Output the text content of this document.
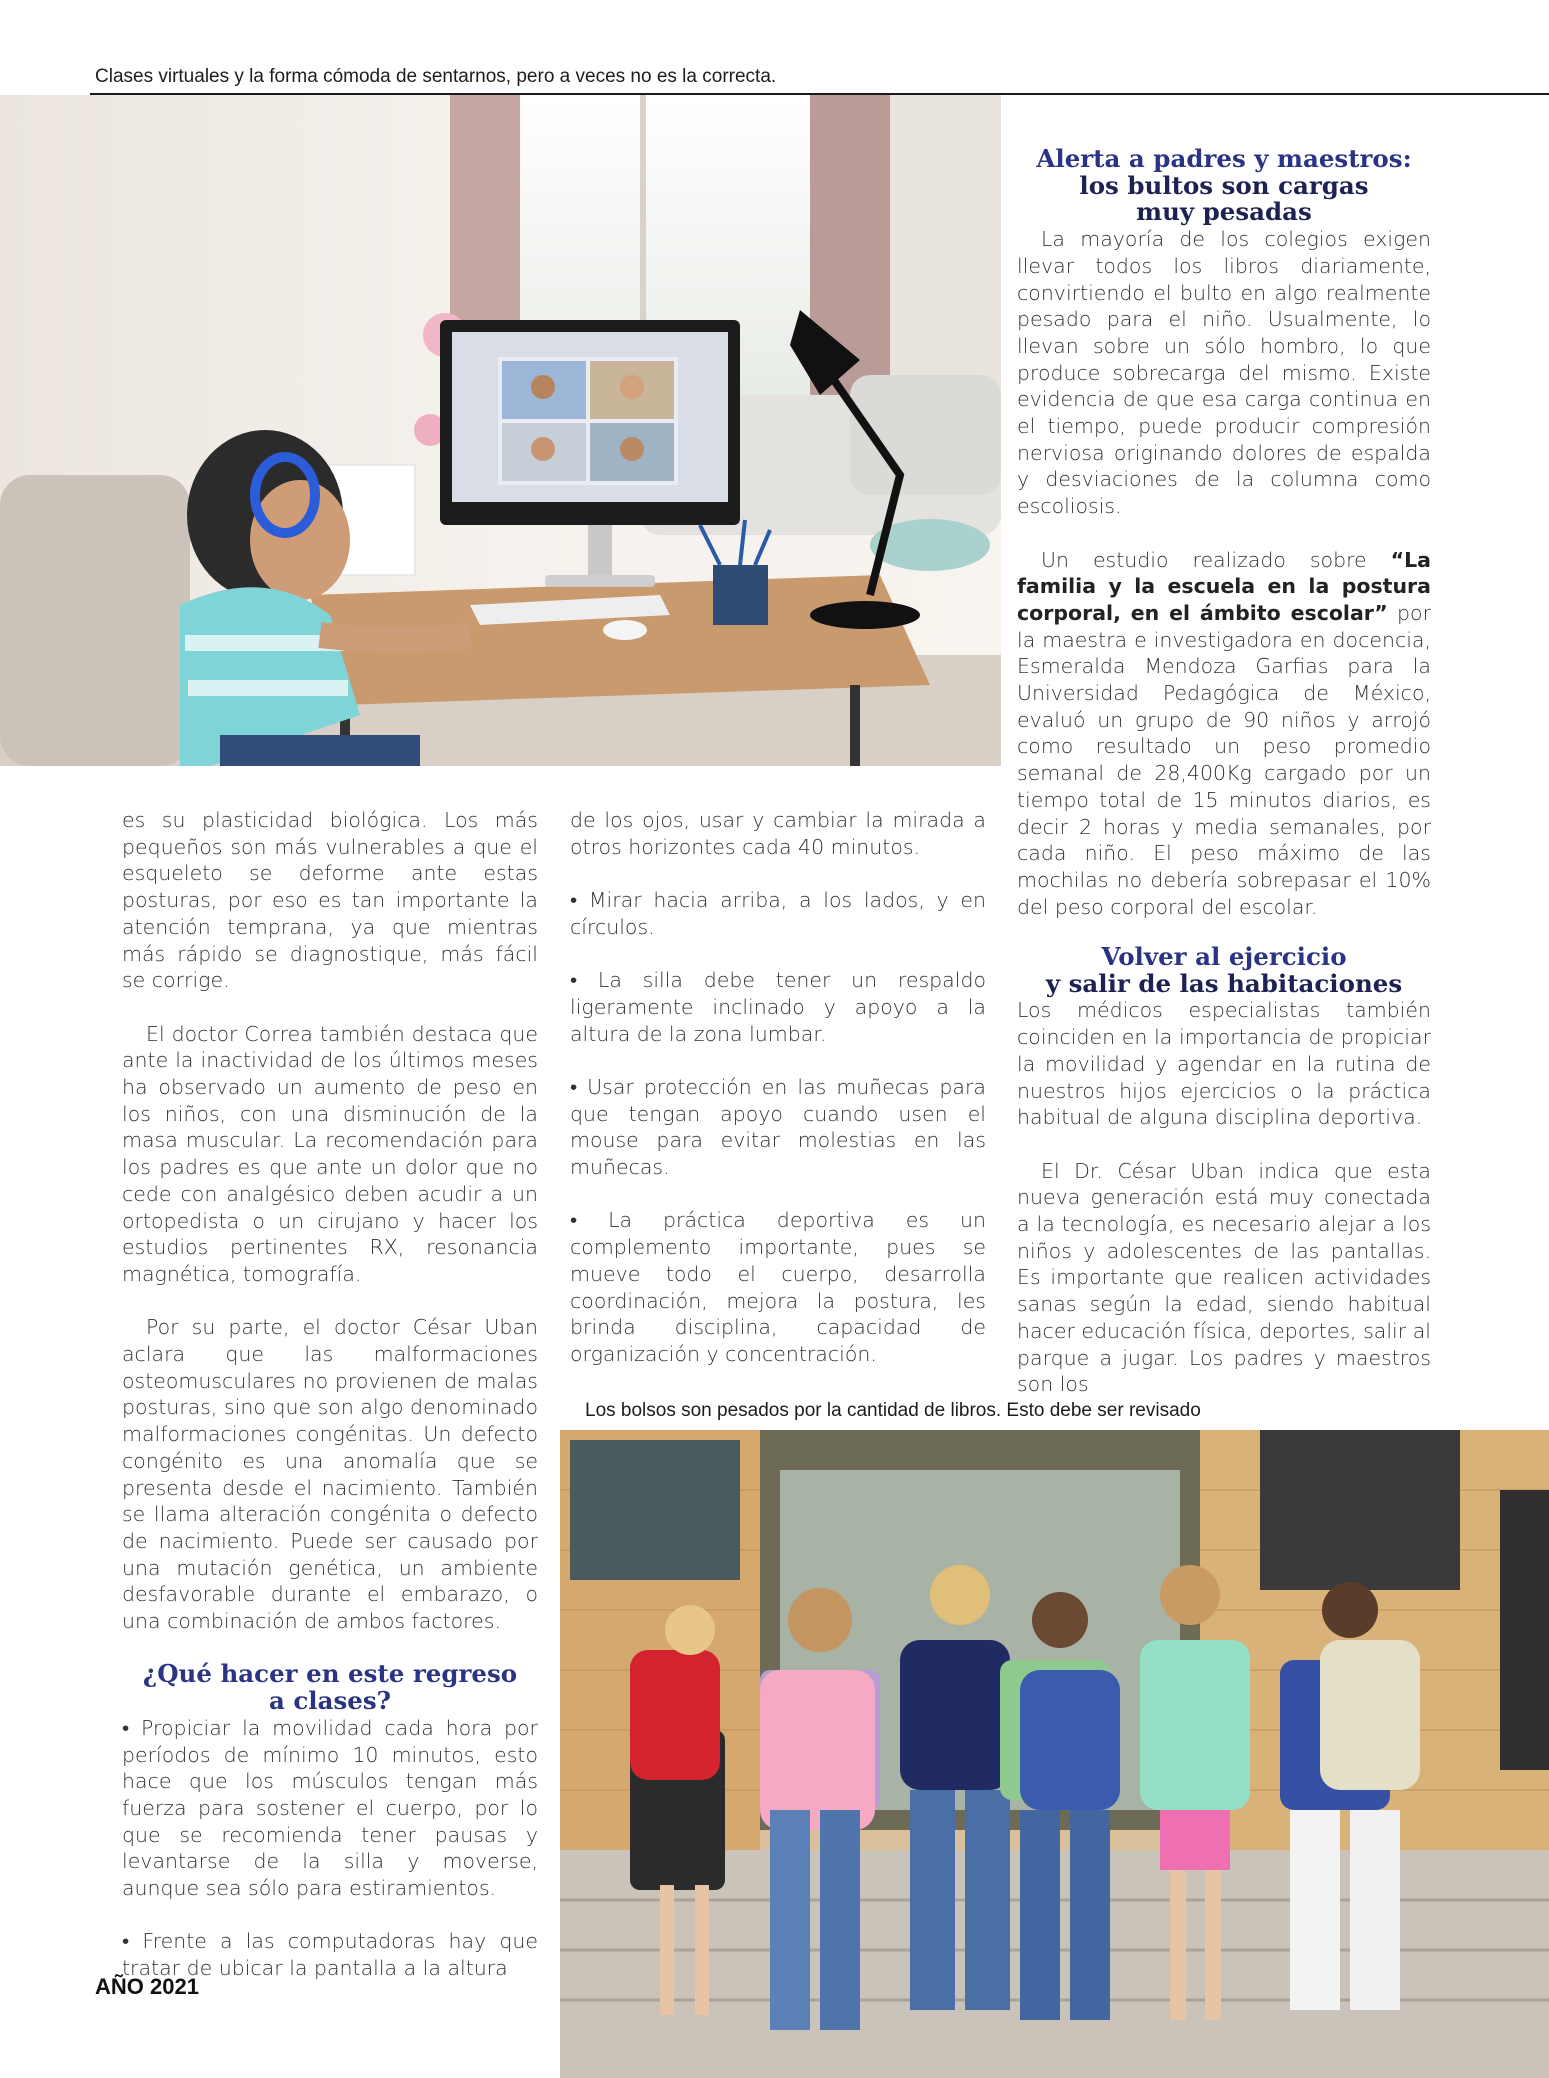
Clases virtuales y la forma cómoda de sentarnos, pero a veces no es la correcta.
Alerta a padres y maestros:
los bultos son cargas
muy pesadas

La mayoría de los colegios exigen llevar todos los libros diariamente, convirtiendo el bulto en algo realmente pesado para el niño. Usualmente, lo llevan sobre un sólo hombro, lo que produce sobrecarga del mismo. Existe evidencia de que esa carga continua en el tiempo, puede producir compresión nerviosa originando dolores de espalda y desviaciones de la columna como escoliosis.

Un estudio realizado sobre “La familia y la escuela en la postura corporal, en el ámbito escolar” por la maestra e investigadora en docencia, Esmeralda Mendoza Garfias para la Universidad Pedagógica de México, evaluó un grupo de 90 niños y arrojó como resultado un peso promedio semanal de 28,400Kg cargado por un tiempo total de 15 minutos diarios, es decir 2 horas y media semanales, por cada niño. El peso máximo de las mochilas no debería sobrepasar el 10% del peso corporal del escolar.

Volver al ejercicio
y salir de las habitaciones

Los médicos especialistas también coinciden en la importancia de propiciar la movilidad y agendar en la rutina de nuestros hijos ejercicios o la práctica habitual de alguna disciplina deportiva.

El Dr. César Uban indica que esta nueva generación está muy conectada a la tecnología, es necesario alejar a los niños y adolescentes de las pantallas. Es importante que realicen actividades sanas según la edad, siendo habitual hacer educación física, deportes, salir al parque a jugar. Los padres y maestros son los

es su plasticidad biológica. Los más pequeños son más vulnerables a que el esqueleto se deforme ante estas posturas, por eso es tan importante la atención temprana, ya que mientras más rápido se diagnostique, más fácil se corrige.

El doctor Correa también destaca que ante la inactividad de los últimos meses ha observado un aumento de peso en los niños, con una disminución de la masa muscular. La recomendación para los padres es que ante un dolor que no cede con analgésico deben acudir a un ortopedista o un cirujano y hacer los estudios pertinentes RX, resonancia magnética, tomografía.

Por su parte, el doctor César Uban aclara que las malformaciones osteomusculares no provienen de malas posturas, sino que son algo denominado malformaciones congénitas. Un defecto congénito es una anomalía que se presenta desde el nacimiento. También se llama alteración congénita o defecto de nacimiento. Puede ser causado por una mutación genética, un ambiente desfavorable durante el embarazo, o una combinación de ambos factores.

¿Qué hacer en este regreso
a clases?

• Propiciar la movilidad cada hora por períodos de mínimo 10 minutos, esto hace que los músculos tengan más fuerza para sostener el cuerpo, por lo que se recomienda tener pausas y levantarse de la silla y moverse, aunque sea sólo para estiramientos.

• Frente a las computadoras hay que tratar de ubicar la pantalla a la altura

de los ojos, usar y cambiar la mirada a otros horizontes cada 40 minutos.

• Mirar hacia arriba, a los lados, y en círculos.

• La silla debe tener un respaldo ligeramente inclinado y apoyo a la altura de la zona lumbar.

• Usar protección en las muñecas para que tengan apoyo cuando usen el mouse para evitar molestias en las muñecas.

• La práctica deportiva es un complemento importante, pues se mueve todo el cuerpo, desarrolla coordinación, mejora la postura, les brinda disciplina, capacidad de organización y concentración.

Los bolsos son pesados por la cantidad de libros. Esto debe ser revisado
AÑO 2021
